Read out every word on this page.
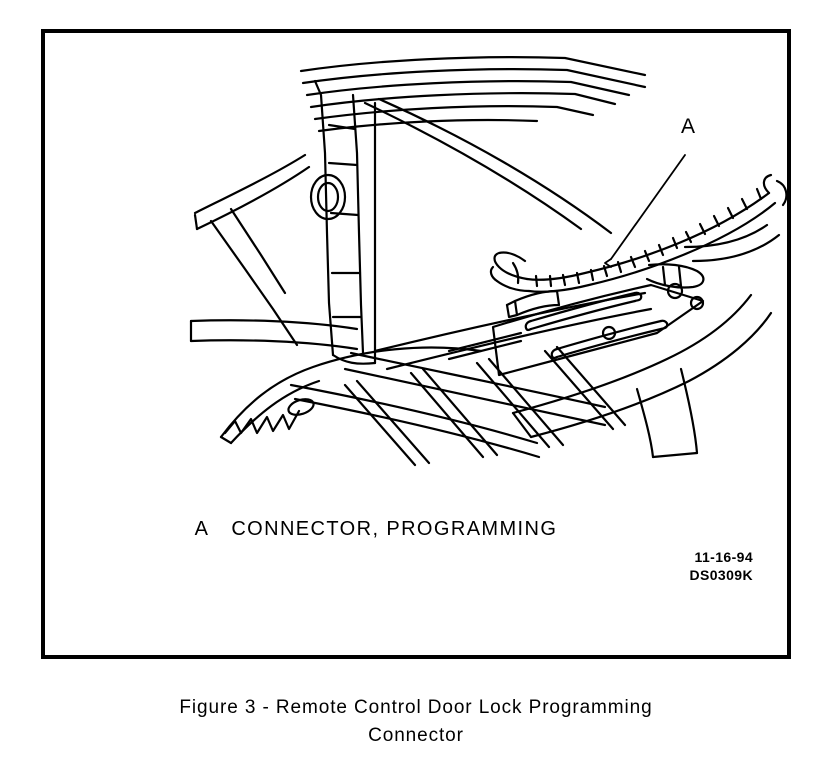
A

A CONNECTOR, PROGRAMMING

11-16-94
DS0309K
Figure 3 - Remote Control Door Lock Programming
Connector
